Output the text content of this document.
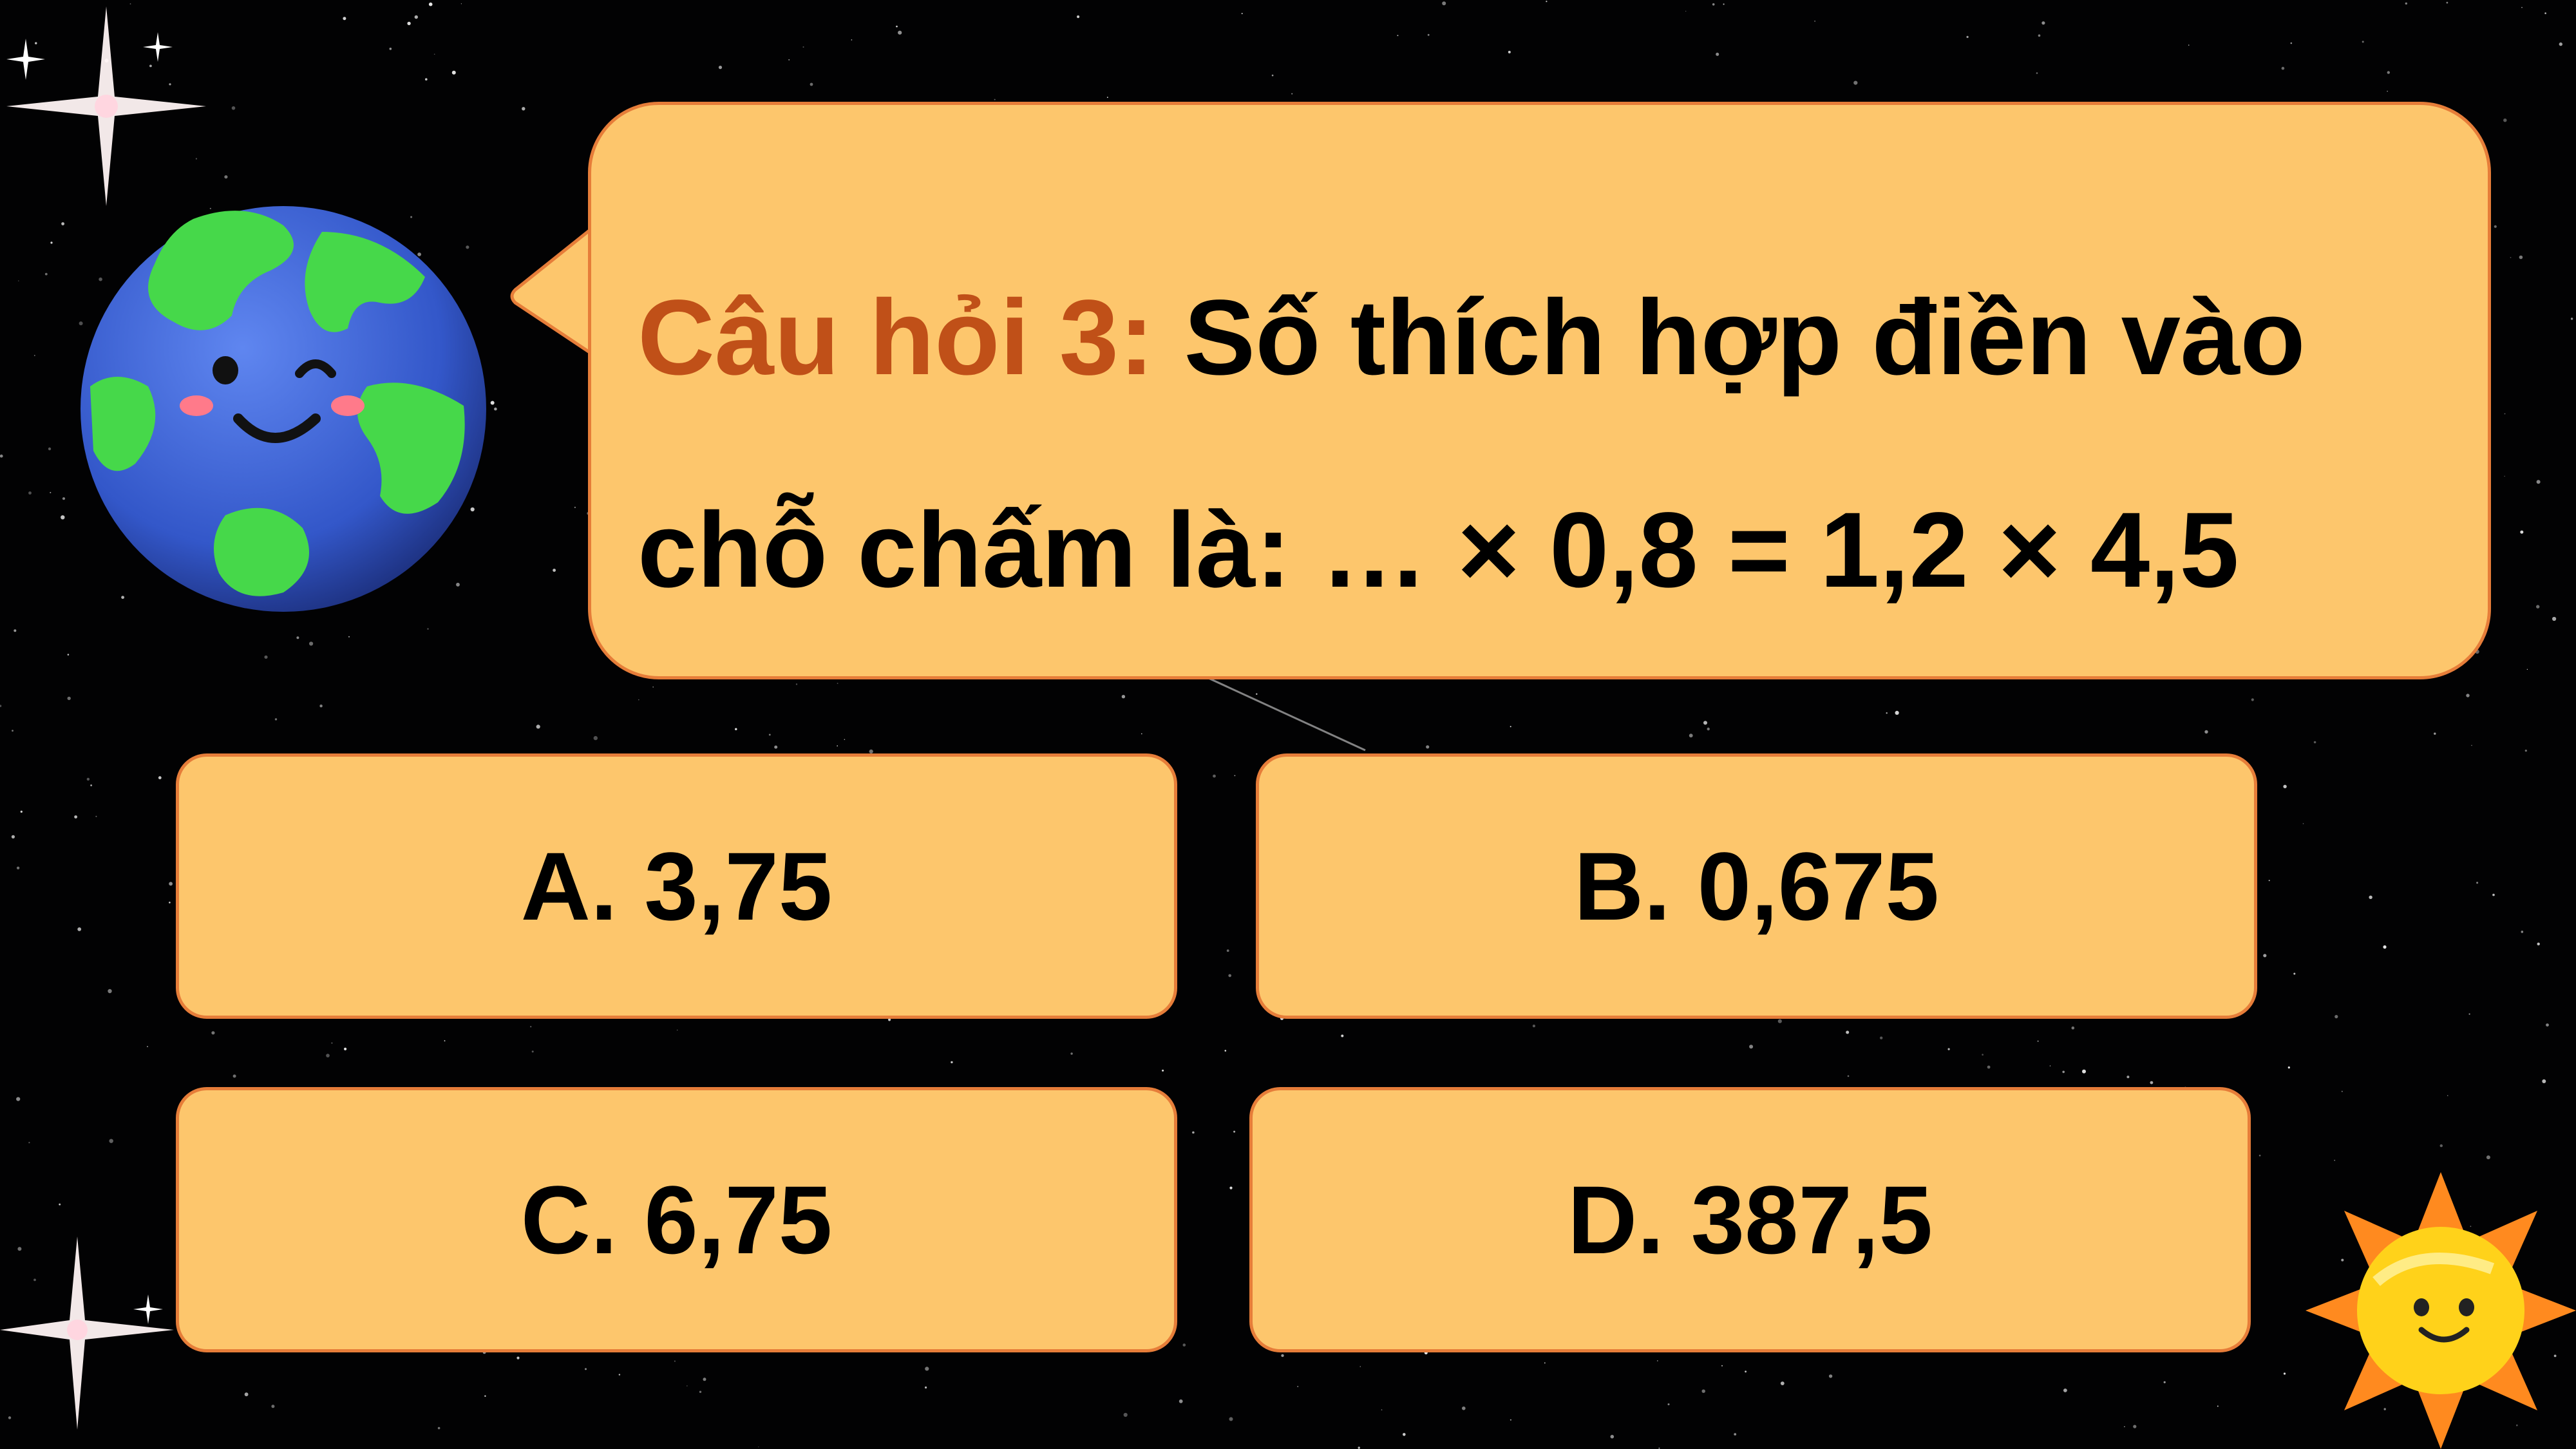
Câu hỏi 3: Số thích hợp điền vào
chỗ chấm là: … × 0,8 = 1,2 × 4,5
A. 3,75	B. 0,675
C. 6,75	D. 387,5
